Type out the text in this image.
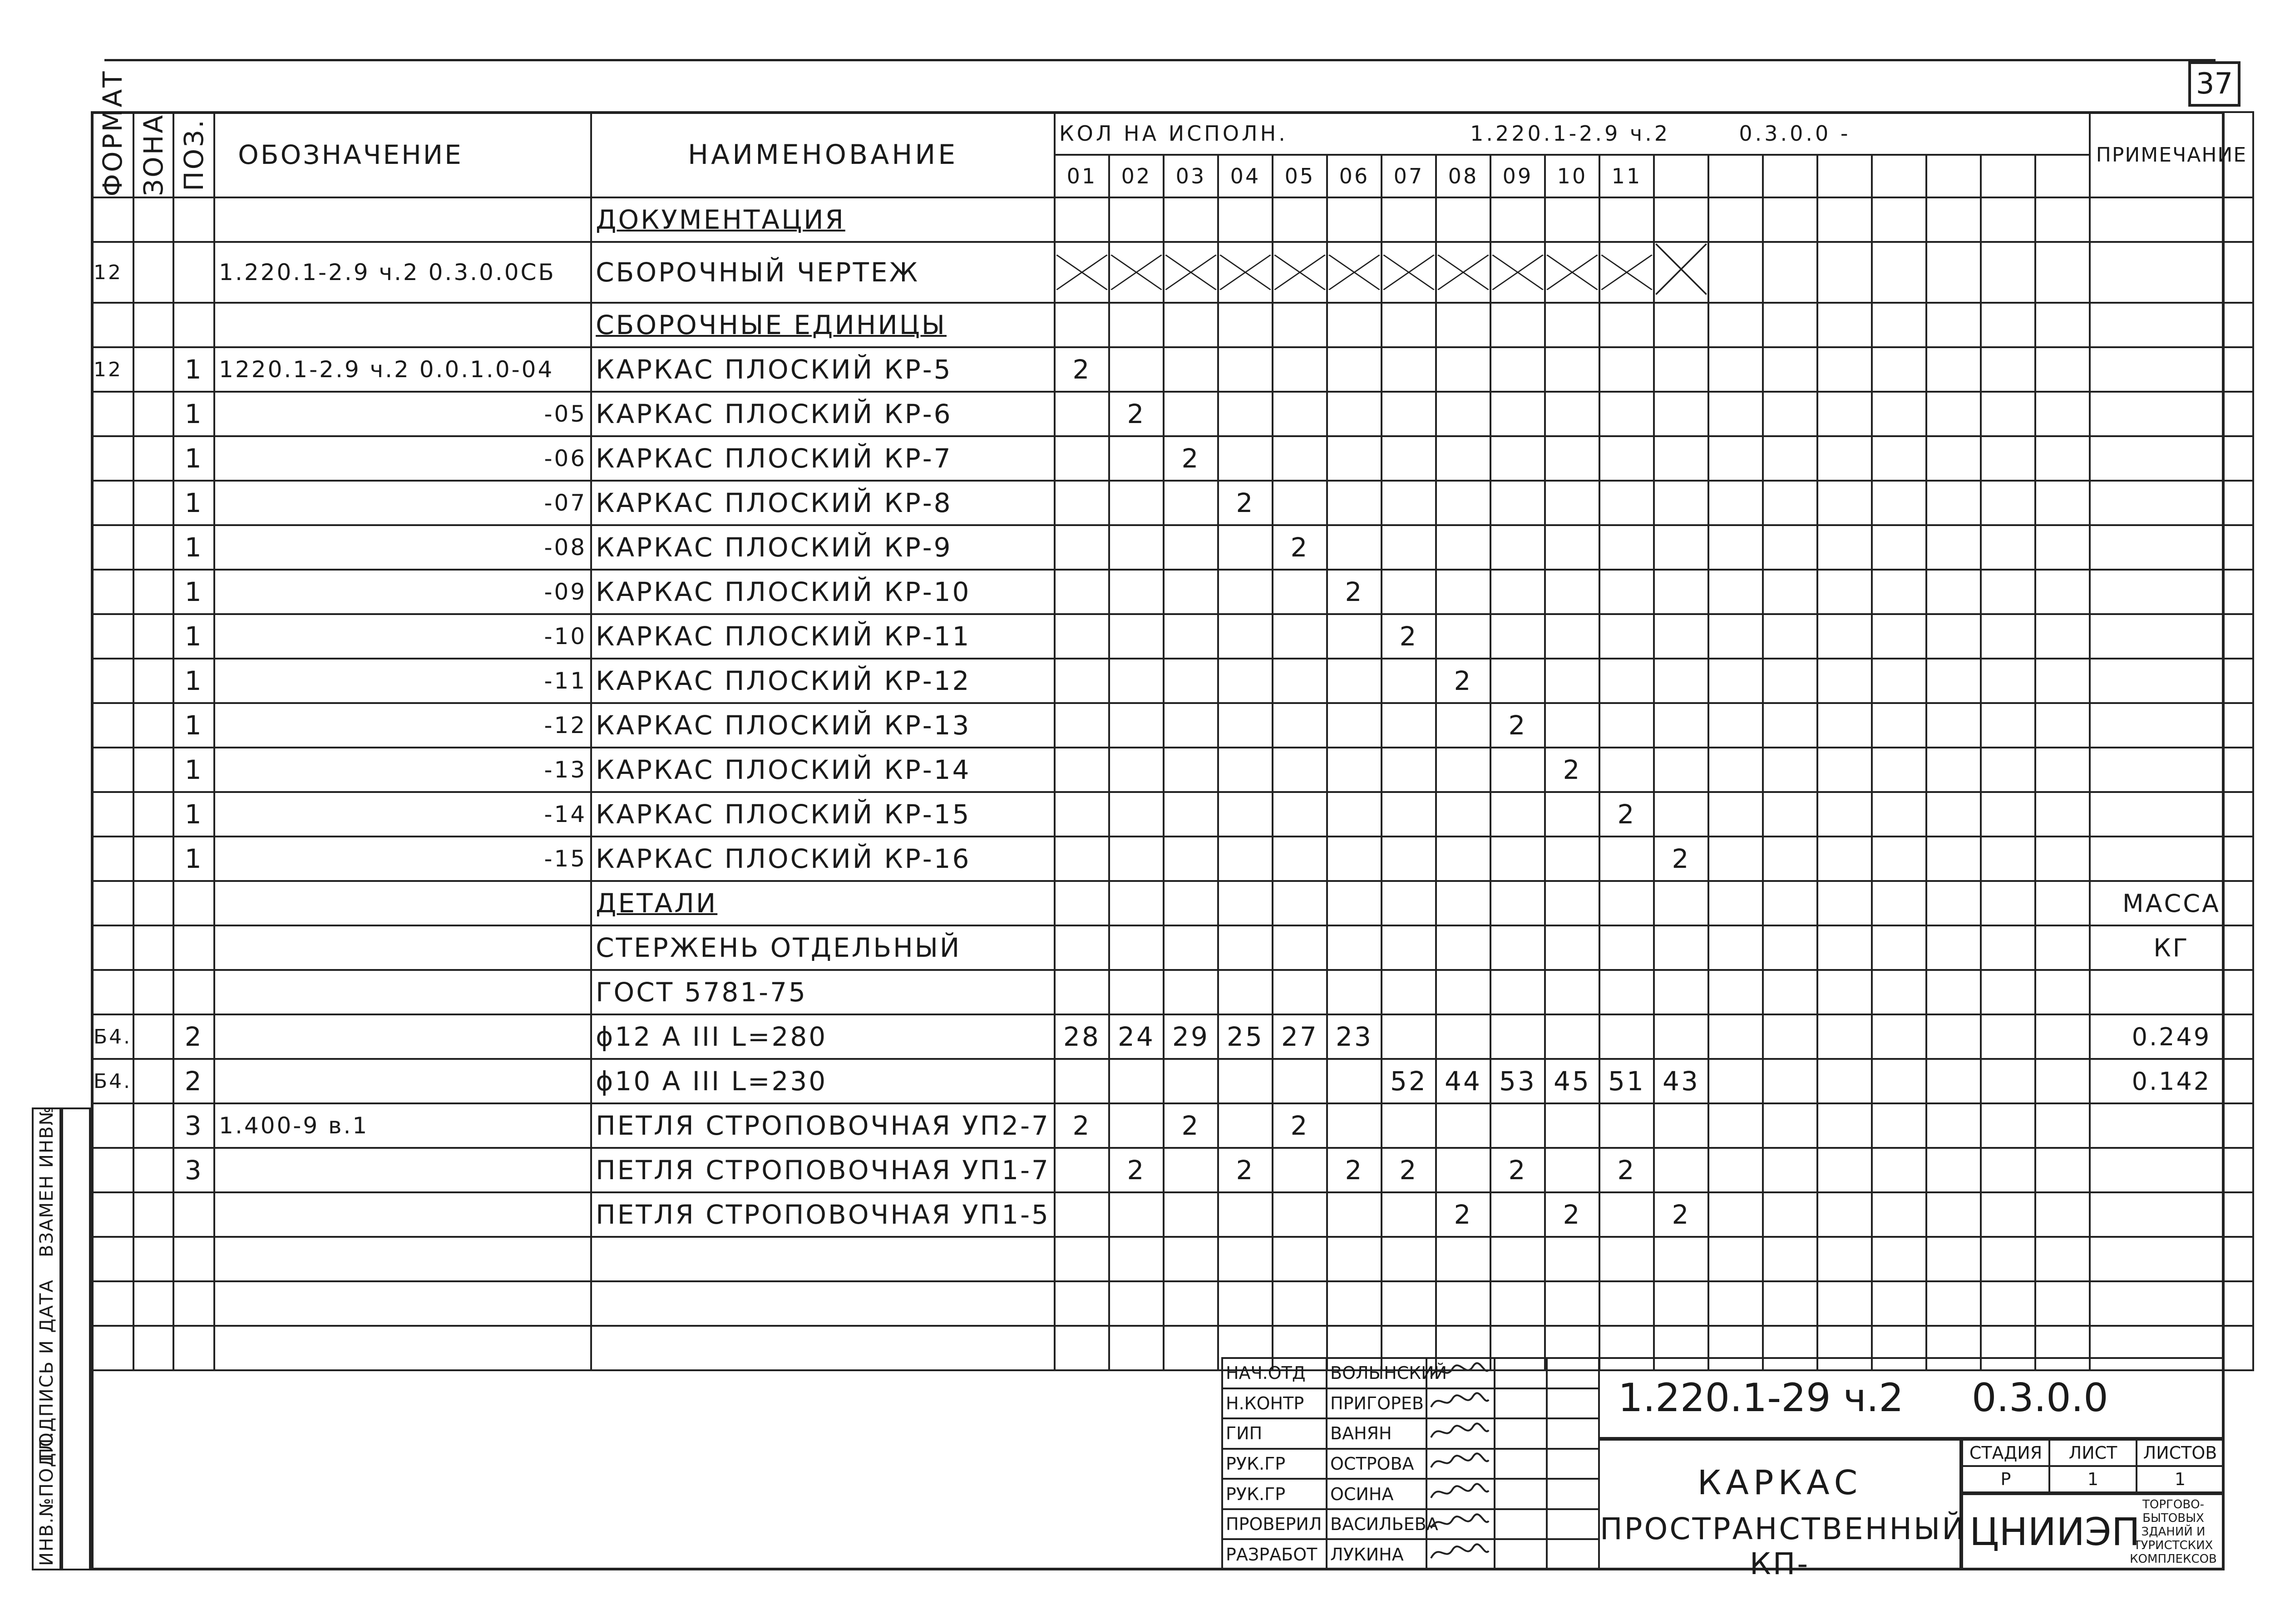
37
ФОРМАТ	ЗОНА	ПОЗ.	ОБОЗНАЧЕНИЕ	НАИМЕНОВАНИЕ	КОЛ НА ИСПОЛН. 1.220.1-2.9 ч.2 0.3.0.0 -																			ПРИМЕЧАНИЕ
					01	02	03	04	05	06	07	08	09	10	11									
				ДОКУМЕНТАЦИЯ																				
12			1.220.1-2.9 ч.2 0.3.0.0СБ	СБОРОЧНЫЙ ЧЕРТЕЖ	

				СБОРОЧНЫЕ ЕДИНИЦЫ																				
12		1	1220.1-2.9 ч.2 0.0.1.0-04	КАРКАС ПЛОСКИЙ КР-5	2																			
		1	-05	КАРКАС ПЛОСКИЙ КР-6		2																		
		1	-06	КАРКАС ПЛОСКИЙ КР-7			2																	
		1	-07	КАРКАС ПЛОСКИЙ КР-8				2																
		1	-08	КАРКАС ПЛОСКИЙ КР-9					2															
		1	-09	КАРКАС ПЛОСКИЙ КР-10						2														
		1	-10	КАРКАС ПЛОСКИЙ КР-11							2													
		1	-11	КАРКАС ПЛОСКИЙ КР-12								2												
		1	-12	КАРКАС ПЛОСКИЙ КР-13									2											
		1	-13	КАРКАС ПЛОСКИЙ КР-14										2										
		1	-14	КАРКАС ПЛОСКИЙ КР-15											2									
		1	-15	КАРКАС ПЛОСКИЙ КР-16												2								
				ДЕТАЛИ																				МАССА
				СТЕРЖЕНЬ ОТДЕЛЬНЫЙ																				КГ
				ГОСТ 5781-75																				
Б4.		2		ϕ12 А III L=280	28	24	29	25	27	23														0.249
Б4.		2		ϕ10 А III L=230							52	44	53	45	51	43								0.142
		3	1.400-9 в.1	ПЕТЛЯ СТРОПОВОЧНАЯ УП2-7	2		2		2															
		3		ПЕТЛЯ СТРОПОВОЧНАЯ УП1-7		2		2		2	2		2		2									
				ПЕТЛЯ СТРОПОВОЧНАЯ УП1-5								2		2		2								

ИНВ.№ПОДЛ.
ПОДПИСЬ И ДАТА
ВЗАМЕН ИНВ№
НАЧ.ОТД	ВОЛЫНСКИЙ			
Н.КОНТР	ПРИГОРЕВ			
ГИП	ВАНЯН			
РУК.ГР	ОСТРОВА			
РУК.ГР	ОСИНА			
ПРОВЕРИЛ	ВАСИЛЬЕВА			
РАЗРАБОТ	ЛУКИНА			
1.220.1-29 ч.2 0.3.0.0
КАРКАС
ПРОСТРАНСТВЕННЫЙ КП-
СТАДИЯ	ЛИСТ	ЛИСТОВ
Р	1	1
ЦНИИЭП
ТОРГОВО-БЫТОВЫХ ЗДАНИЙ И ТУРИСТСКИХ КОМПЛЕКСОВ
